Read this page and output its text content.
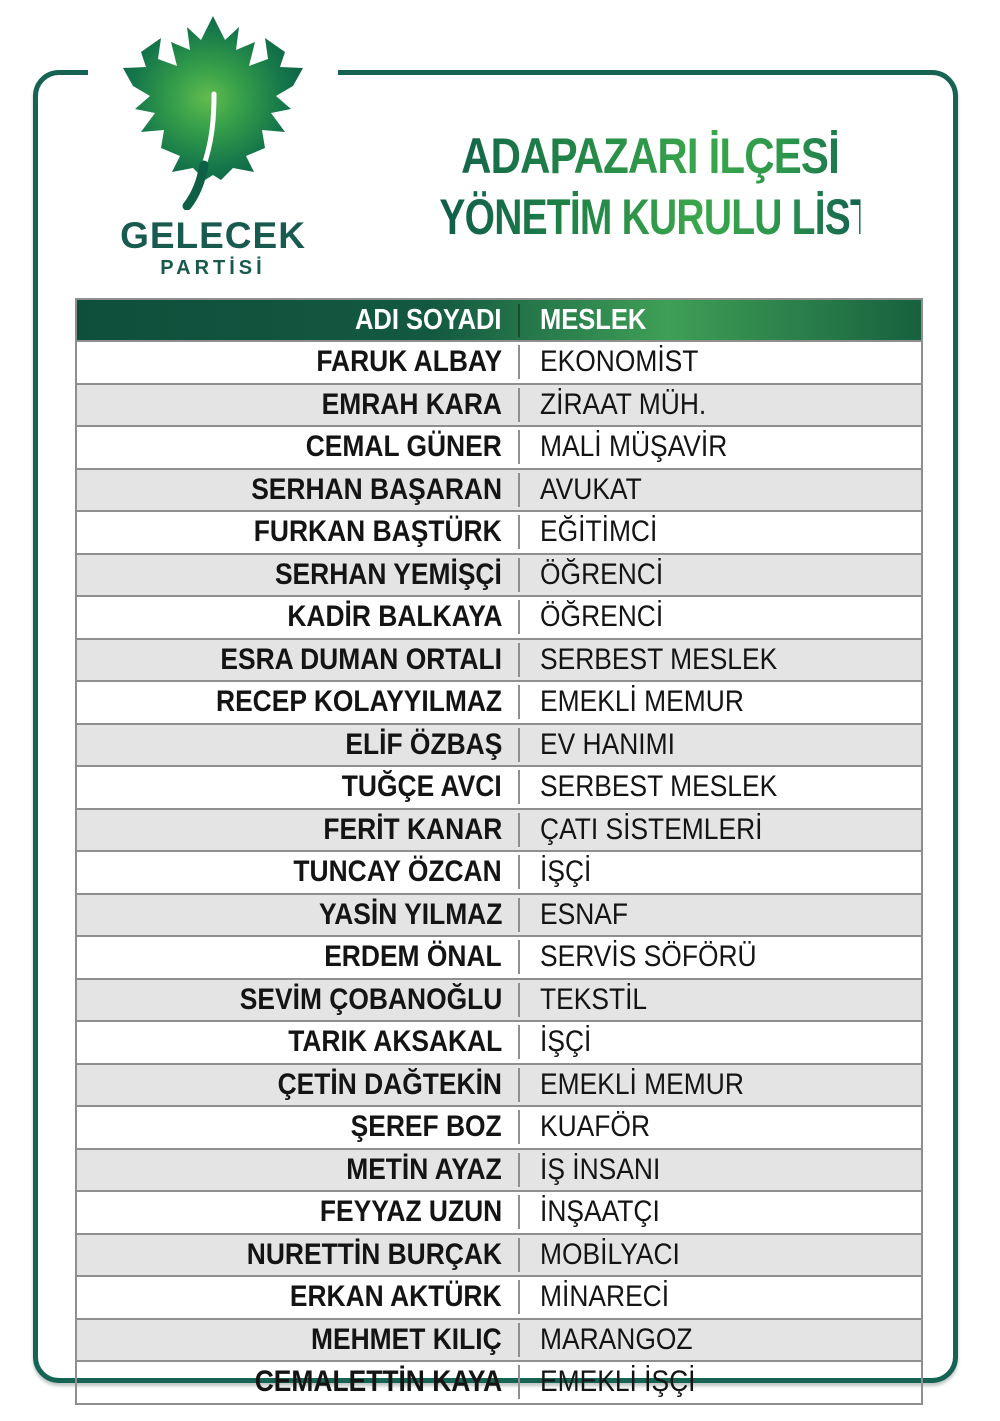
GELECEK
PARTİSİ
ADAPAZARI İLÇESİ
YÖNETİM KURULU LİSTESİ
ADI SOYADI	MESLEK
FARUK ALBAY	EKONOMİST
EMRAH KARA	ZİRAAT MÜH.
CEMAL GÜNER	MALİ MÜŞAVİR
SERHAN BAŞARAN	AVUKAT
FURKAN BAŞTÜRK	EĞİTİMCİ
SERHAN YEMİŞÇİ	ÖĞRENCİ
KADİR BALKAYA	ÖĞRENCİ
ESRA DUMAN ORTALI	SERBEST MESLEK
RECEP KOLAYYILMAZ	EMEKLİ MEMUR
ELİF ÖZBAŞ	EV HANIMI
TUĞÇE AVCI	SERBEST MESLEK
FERİT KANAR	ÇATI SİSTEMLERİ
TUNCAY ÖZCAN	İŞÇİ
YASİN YILMAZ	ESNAF
ERDEM ÖNAL	SERVİS SÖFÖRÜ
SEVİM ÇOBANOĞLU	TEKSTİL
TARIK AKSAKAL	İŞÇİ
ÇETİN DAĞTEKİN	EMEKLİ MEMUR
ŞEREF BOZ	KUAFÖR
METİN AYAZ	İŞ İNSANI
FEYYAZ UZUN	İNŞAATÇI
NURETTİN BURÇAK	MOBİLYACI
ERKAN AKTÜRK	MİNARECİ
MEHMET KILIÇ	MARANGOZ
CEMALETTİN KAYA	EMEKLİ İŞÇİ
